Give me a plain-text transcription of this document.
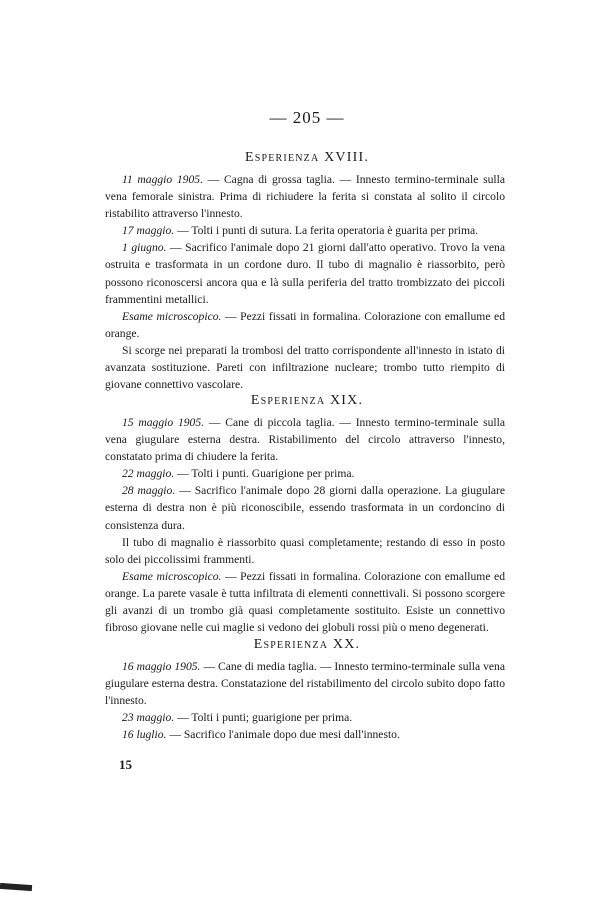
— 205 —
Esperienza XVIII.

11 maggio 1905. — Cagna di grossa taglia. — Innesto termino-terminale sulla vena femorale sinistra. Prima di richiudere la ferita si constata al solito il circolo ristabilito attraverso l'innesto.

17 maggio. — Tolti i punti di sutura. La ferita operatoria è guarita per prima.

1 giugno. — Sacrifico l'animale dopo 21 giorni dall'atto operativo. Trovo la vena ostruita e trasformata in un cordone duro. Il tubo di magnalio è riassorbito, però possono riconoscersi ancora qua e là sulla periferia del tratto trombizzato dei piccoli frammentini metallici.

Esame microscopico. — Pezzi fissati in formalina. Colorazione con emallume ed orange.

Si scorge nei preparati la trombosi del tratto corrispondente all'innesto in istato di avanzata sostituzione. Pareti con infiltrazione nucleare; trombo tutto riempito di giovane connettivo vascolare.

Esperienza XIX.

15 maggio 1905. — Cane di piccola taglia. — Innesto termino-terminale sulla vena giugulare esterna destra. Ristabilimento del circolo attraverso l'innesto, constatato prima di chiudere la ferita.

22 maggio. — Tolti i punti. Guarigione per prima.

28 maggio. — Sacrifico l'animale dopo 28 giorni dalla operazione. La giugulare esterna di destra non è più riconoscibile, essendo trasformata in un cordoncino di consistenza dura.

Il tubo di magnalio è riassorbito quasi completamente; restando di esso in posto solo dei piccolissimi frammenti.

Esame microscopico. — Pezzi fissati in formalina. Colorazione con emallume ed orange. La parete vasale è tutta infiltrata di elementi connettivali. Si possono scorgere gli avanzi di un trombo già quasi completamente sostituito. Esiste un connettivo fibroso giovane nelle cui maglie si vedono dei globuli rossi più o meno degenerati.

Esperienza XX.

16 maggio 1905. — Cane di media taglia. — Innesto termino-terminale sulla vena giugulare esterna destra. Constatazione del ristabilimento del circolo subito dopo fatto l'innesto.

23 maggio. — Tolti i punti; guarigione per prima.

16 luglio. — Sacrifico l'animale dopo due mesi dall'innesto.

15
